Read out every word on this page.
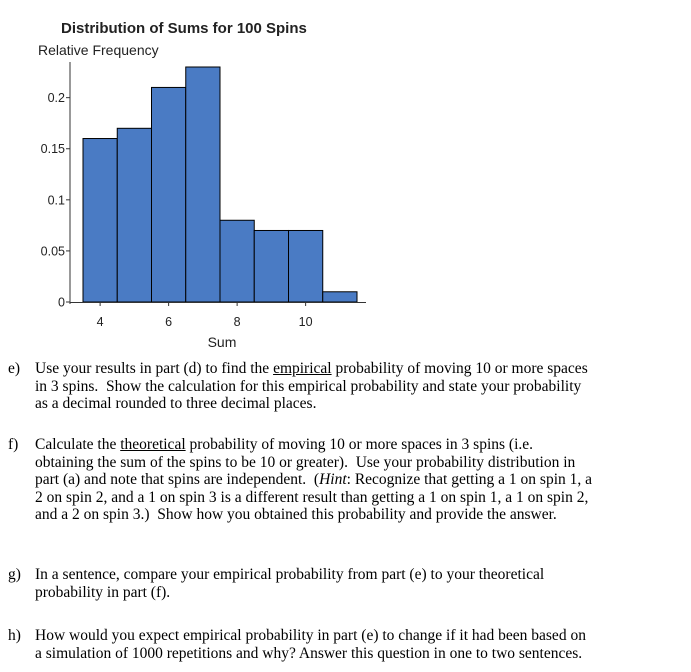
Distribution of Sums for 100 Spins
Relative Frequency
0
0.05
0.1
0.15
0.2
4	6	8	10
Sum
e) Use your results in part (d) to find the empirical probability of moving 10 or more spaces

in 3 spins.  Show the calculation for this empirical probability and state your probability

as a decimal rounded to three decimal places.

f) Calculate the theoretical probability of moving 10 or more spaces in 3 spins (i.e.

obtaining the sum of the spins to be 10 or greater).  Use your probability distribution in

part (a) and note that spins are independent.  (Hint: Recognize that getting a 1 on spin 1, a

2 on spin 2, and a 1 on spin 3 is a different result than getting a 1 on spin 1, a 1 on spin 2,

and a 2 on spin 3.)  Show how you obtained this probability and provide the answer.

g) In a sentence, compare your empirical probability from part (e) to your theoretical

probability in part (f).

h) How would you expect empirical probability in part (e) to change if it had been based on

a simulation of 1000 repetitions and why? Answer this question in one to two sentences.
